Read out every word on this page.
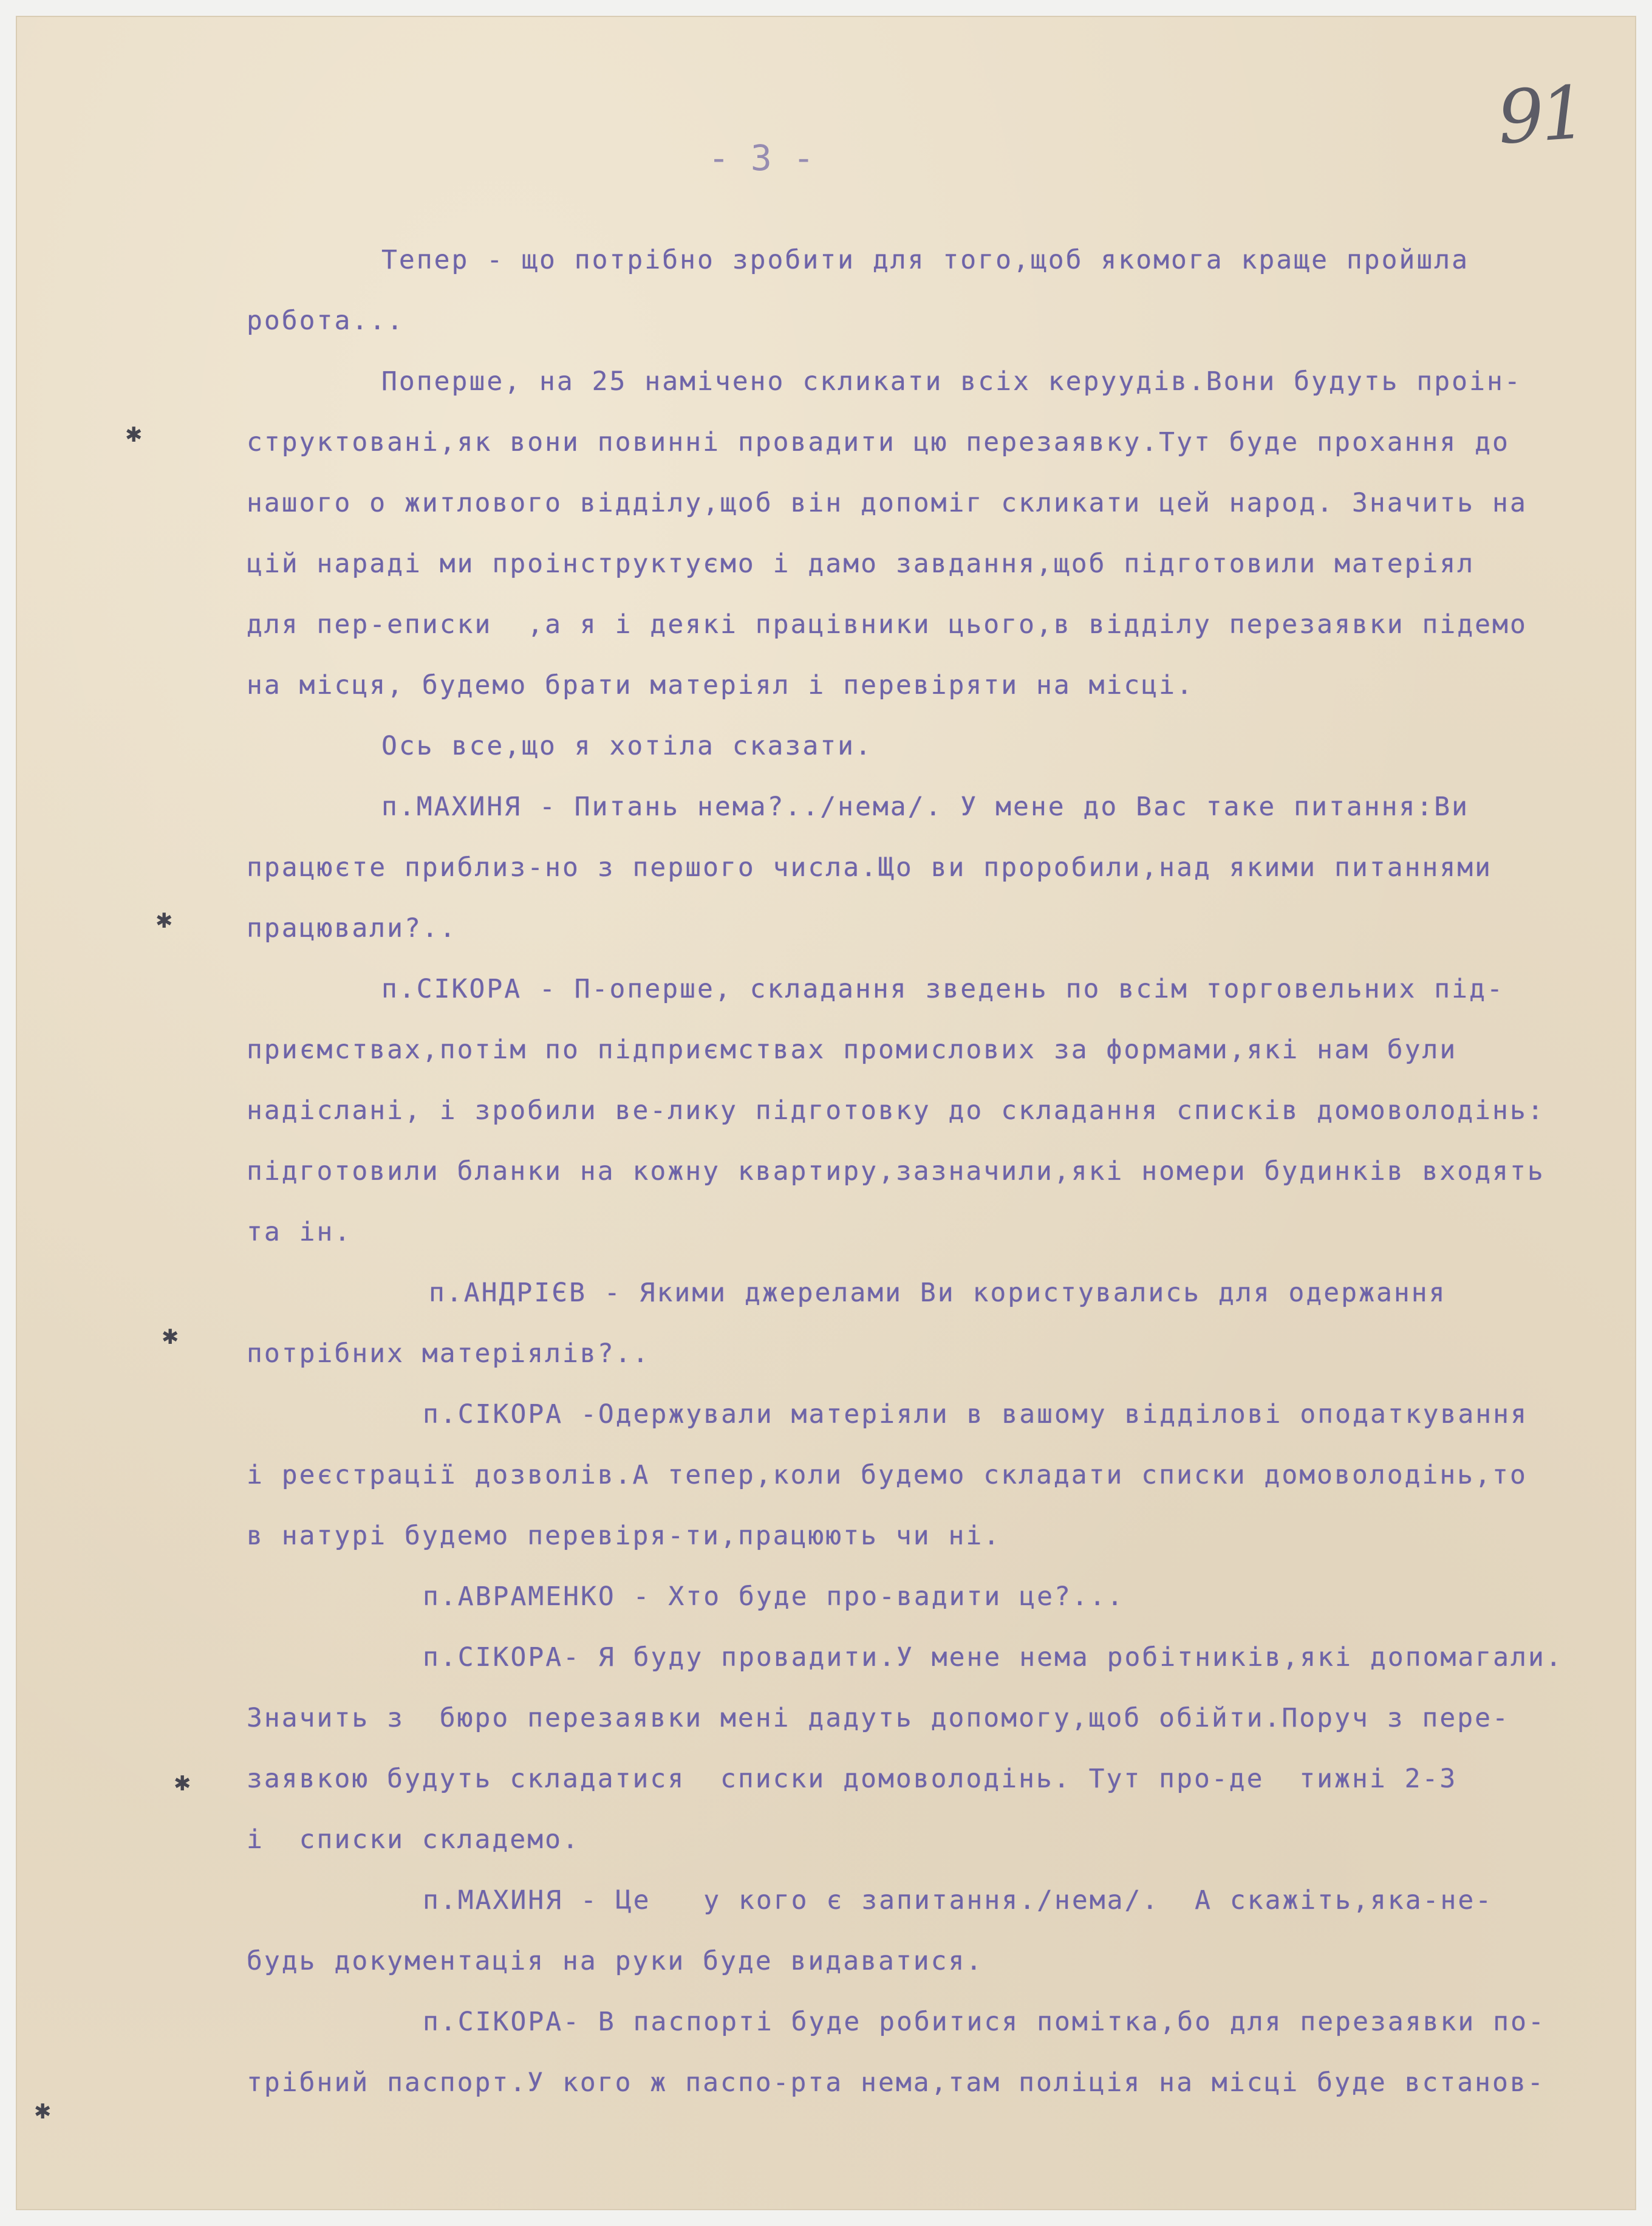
91
- 3 -
✱
✱
✱
✱
✱
Тепер - що потрібно зробити для того,щоб якомога краще пройшла
робота...
Поперше, на 25 намічено скликати всіх керуудів.Вони будуть проін-
структовані,як вони повинні провадити цю перезаявку.Тут буде прохання до
нашого о житлового відділу,щоб він допоміг скликати цей народ. Значить на
цій нараді ми проінструктуємо і дамо завдання,щоб підготовили матеріял
для пер-еписки  ,а я і деякі працівники цього,в відділу перезаявки підемо
на місця, будемо брати матеріял і перевіряти на місці.
Ось все,що я хотіла сказати.
п.МАХИНЯ - Питань нема?../нема/. У мене до Вас таке питання:Ви
працюєте приблиз-но з першого числа.Що ви проробили,над якими питаннями
працювали?..
п.СІКОРА - П-оперше, складання зведень по всім торговельних під-
приємствах,потім по підприємствах промислових за формами,які нам були
надіслані, і зробили ве-лику підготовку до складання списків домоволодінь:
підготовили бланки на кожну квартиру,зазначили,які номери будинків входять
та ін.
п.АНДРІЄВ - Якими джерелами Ви користувались для одержання
потрібних матеріялів?..
п.СІКОРА -Одержували матеріяли в вашому відділові оподаткування
і реєстрації дозволів.А тепер,коли будемо складати списки домоволодінь,то
в натурі будемо перевіря-ти,працюють чи ні.
п.АВРАМЕНКО - Хто буде про-вадити це?...
п.СІКОРА- Я буду провадити.У мене нема робітників,які допомагали.
Значить з  бюро перезаявки мені дадуть допомогу,щоб обійти.Поруч з пере-
заявкою будуть складатися  списки домоволодінь. Тут про-де  тижні 2-3
і  списки складемо.
п.МАХИНЯ - Це   у кого є запитання./нема/.  А скажіть,яка-не-
будь документація на руки буде видаватися.
п.СІКОРА- В паспорті буде робитися помітка,бо для перезаявки по-
трібний паспорт.У кого ж паспо-рта нема,там поліція на місці буде встанов-
